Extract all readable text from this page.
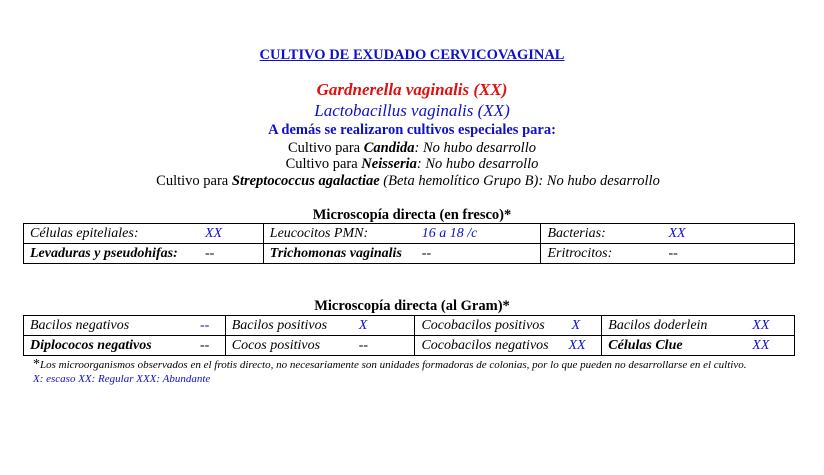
CULTIVO DE EXUDADO CERVICOVAGINAL
Gardnerella vaginalis (XX)
Lactobacillus vaginalis (XX)
A demás se realizaron cultivos especiales para:
Cultivo para Candida: No hubo desarrollo
Cultivo para Neisseria: No hubo desarrollo
Cultivo para Streptococcus agalactiae (Beta hemolítico Grupo B): No hubo desarrollo
Microscopía directa (en fresco)*
Células epiteliales: XX	Leucocitos PMN: 16 a 18 /c	Bacterias: XX

Levaduras y pseudohifas: --	Trichomonas vaginalis --	Eritrocitos: --
Microscopía directa (al Gram)*
Bacilos negativos --	Bacilos positivos X	Cocobacilos positivos X	Bacilos doderlein XX

Diplococos negativos --	Cocos positivos --	Cocobacilos negativos XX	Células Clue XX
*Los microorganismos observados en el frotis directo, no necesariamente son unidades formadoras de colonias, por lo que pueden no desarrollarse en el cultivo.
X: escaso XX: Regular XXX: Abundante
